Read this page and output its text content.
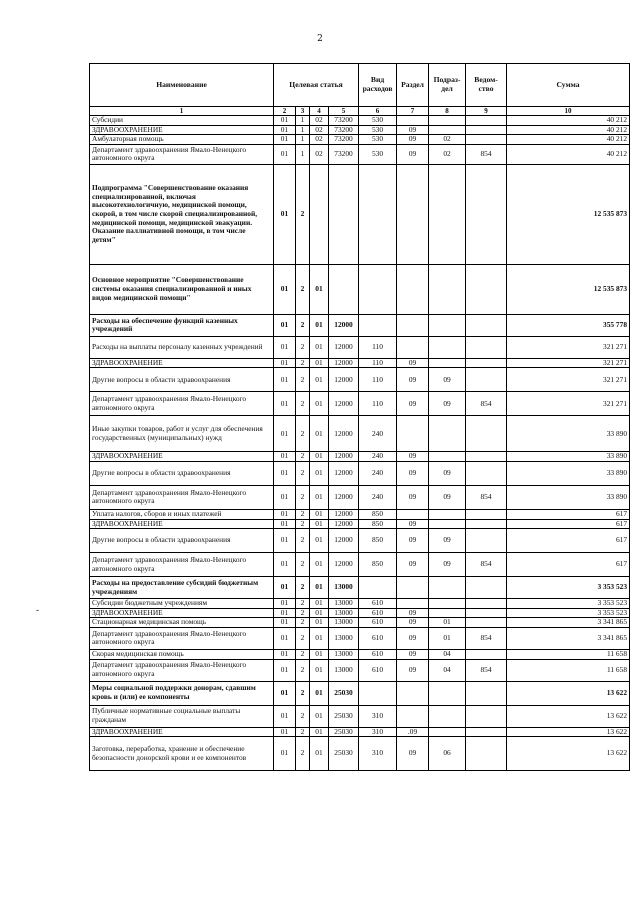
2
-
Наименование	Целевая статья				Вид расходов	Раздел	Подраз-дел	Ведом-ство	Сумма
1	2	3	4	5	6	7	8	9	10
Субсидии	01	1	02	73200	530				40 212
ЗДРАВООХРАНЕНИЕ	01	1	02	73200	530	09			40 212
Амбулаторная помощь	01	1	02	73200	530	09	02		40 212
Департамент здравоохранения Ямало-Ненецкого автономного округа	01	1	02	73200	530	09	02	854	40 212
Подпрограмма "Совершенствование оказания специализированной, включая высокотехнологичную, медицинской помощи, скорой, в том числе скорой специализированной, медицинской помощи, медицинской эвакуации. Оказание паллиативной помощи, в том числе детям"	01	2							12 535 873
Основное мероприятие "Совершенствование системы оказания специализированной и иных видов медицинской помощи"	01	2	01						12 535 873
Расходы на обеспечение функций казенных учреждений	01	2	01	12000					355 778
Расходы на выплаты персоналу казенных учреждений	01	2	01	12000	110				321 271
ЗДРАВООХРАНЕНИЕ	01	2	01	12000	110	09			321 271
Другие вопросы в области здравоохранения	01	2	01	12000	110	09	09		321 271
Департамент здравоохранения Ямало-Ненецкого автономного округа	01	2	01	12000	110	09	09	854	321 271
Иные закупки товаров, работ и услуг для обеспечения государственных (муниципальных) нужд	01	2	01	12000	240				33 890
ЗДРАВООХРАНЕНИЕ	01	2	01	12000	240	09			33 890
Другие вопросы в области здравоохранения	01	2	01	12000	240	09	09		33 890
Департамент здравоохранения Ямало-Ненецкого автономного округа	01	2	01	12000	240	09	09	854	33 890
Уплата налогов, сборов и иных платежей	01	2	01	12000	850				617
ЗДРАВООХРАНЕНИЕ	01	2	01	12000	850	09			617
Другие вопросы в области здравоохранения	01	2	01	12000	850	09	09		617
Департамент здравоохранения Ямало-Ненецкого автономного округа	01	2	01	12000	850	09	09	854	617
Расходы на предоставление субсидий бюджетным учреждениям	01	2	01	13000					3 353 523
Субсидии бюджетным учреждениям	01	2	01	13000	610				3 353 523
ЗДРАВООХРАНЕНИЕ	01	2	01	13000	610	09			3 353 523
Стационарная медицинская помощь	01	2	01	13000	610	09	01		3 341 865
Департамент здравоохранения Ямало-Ненецкого автономного округа	01	2	01	13000	610	09	01	854	3 341 865
Скорая медицинская помощь	01	2	01	13000	610	09	04		11 658
Департамент здравоохранения Ямало-Ненецкого автономного округа	01	2	01	13000	610	09	04	854	11 658
Меры социальной поддержки донорам, сдавшим кровь и (или) ее компоненты	01	2	01	25030					13 622
Публичные нормативные социальные выплаты гражданам	01	2	01	25030	310				13 622
ЗДРАВООХРАНЕНИЕ	01	2	01	25030	310	.09			13 622
Заготовка, переработка, хранение и обеспечение безопасности донорской крови и ее компонентов	01	2	01	25030	310	09	06		13 622
